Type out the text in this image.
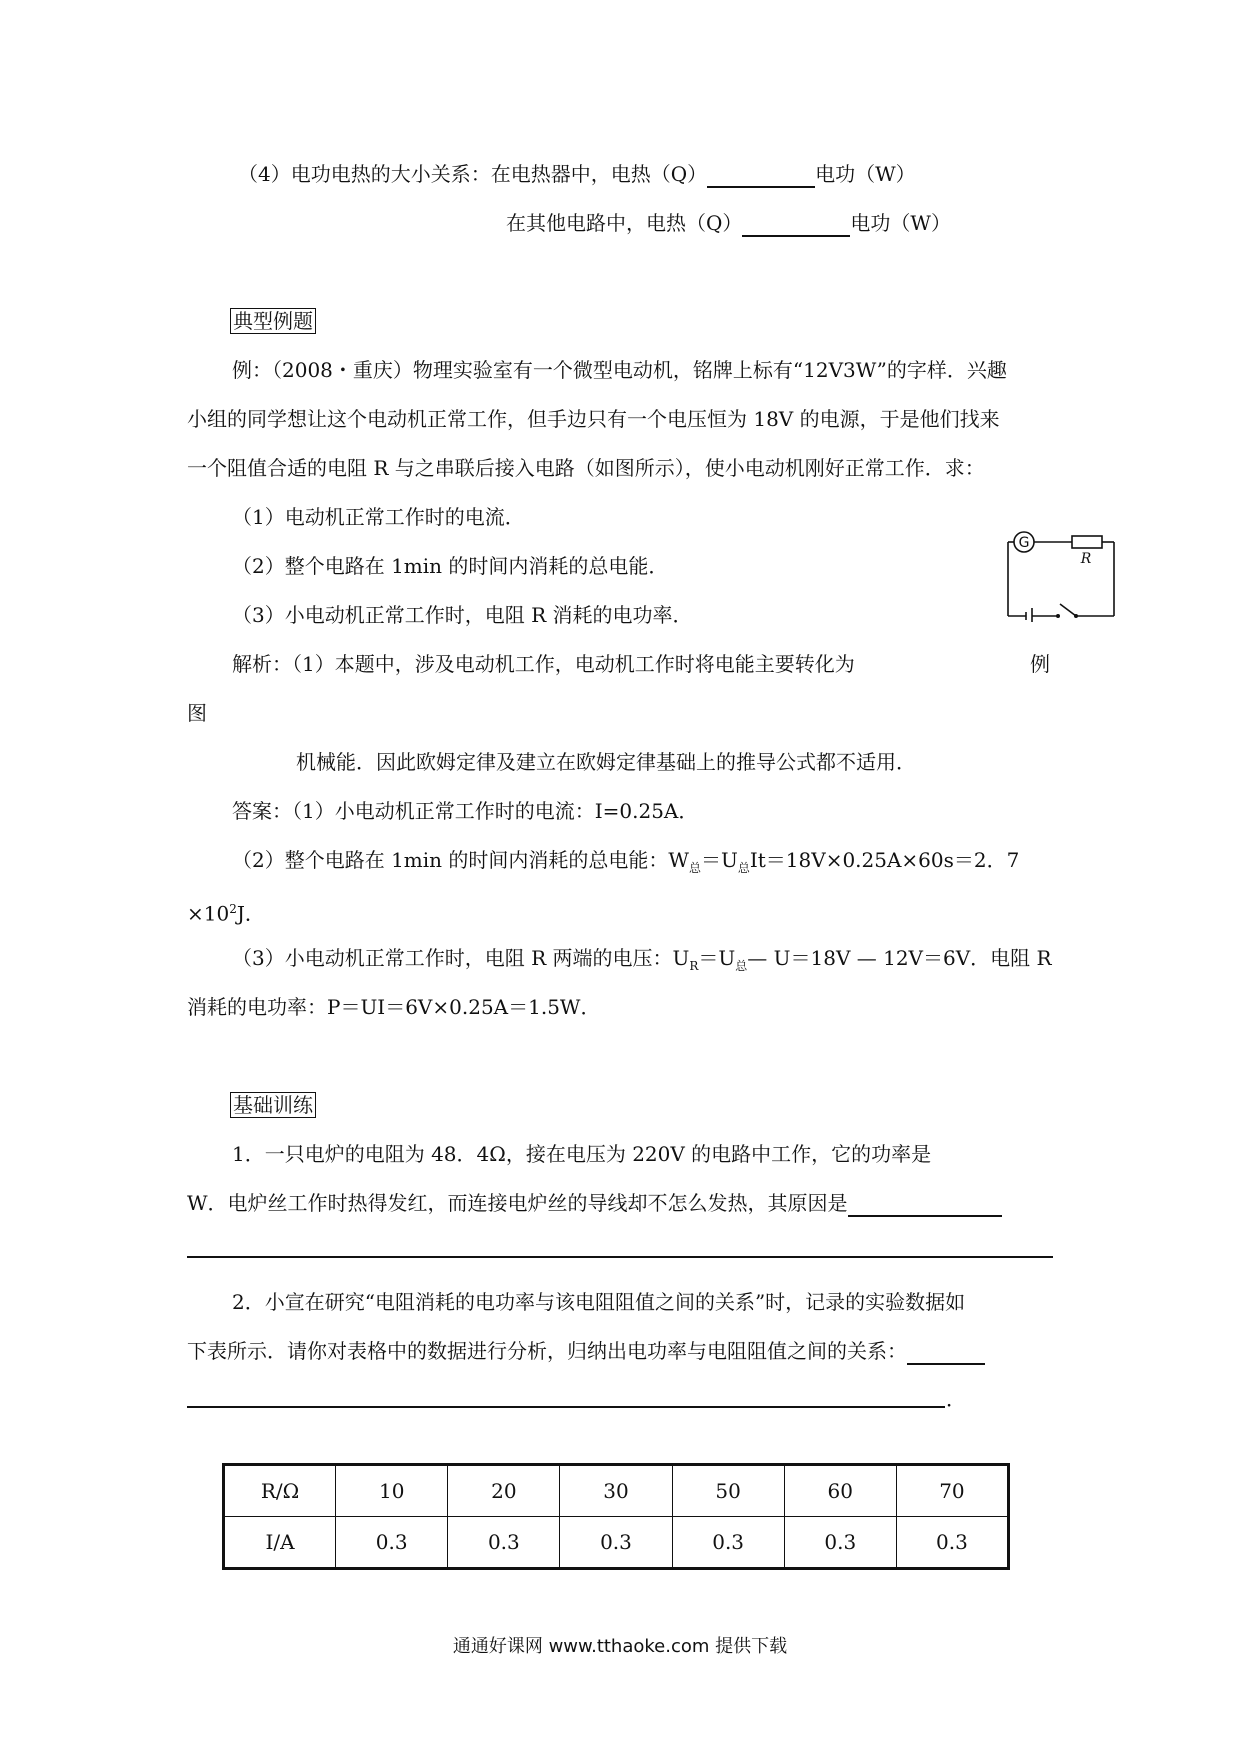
（4）电功电热的大小关系：在电热器中，电热（Q）	电功（W）
在其他电路中，电热（Q）	电功（W）
典型例题
例：（2008・重庆）物理实验室有一个微型电动机，铭牌上标有“12V3W”的字样．兴趣
小组的同学想让这个电动机正常工作，但手边只有一个电压恒为 18V 的电源，于是他们找来
一个阻值合适的电阻 R 与之串联后接入电路（如图所示），使小电动机刚好正常工作．求：
（1）电动机正常工作时的电流．
（2）整个电路在 1min 的时间内消耗的总电能．
（3）小电动机正常工作时，电阻 R 消耗的电功率．
G
R
解析：（1）本题中，涉及电动机工作，电动机工作时将电能主要转化为	例
图
机械能．因此欧姆定律及建立在欧姆定律基础上的推导公式都不适用．
答案：（1）小电动机正常工作时的电流：I=0.25A．
（2）整个电路在 1min 的时间内消耗的总电能：$W_总=U_总It=18V\times 0.25A\times 60s=2$．7
$\times 10^2J$．
（3）小电动机正常工作时，电阻 R 两端的电压：$U_R=U_总—$ U＝18V — 12V＝6V．电阻 R
消耗的电功率：P＝UI＝6V×0.25A＝1.5W．
基础训练
1．一只电炉的电阻为 48．4Ω，接在电压为 220V 的电路中工作，它的功率是
W．电炉丝工作时热得发红，而连接电炉丝的导线却不怎么发热，其原因是
2．小宣在研究“电阻消耗的电功率与该电阻阻值之间的关系”时，记录的实验数据如
下表所示．请你对表格中的数据进行分析，归纳出电功率与电阻阻值之间的关系：
．
R/Ω	10	20	30	50	60	70
I/A	0.3	0.3	0.3	0.3	0.3	0.3
通通好课网 www.tthaoke.com 提供下载
